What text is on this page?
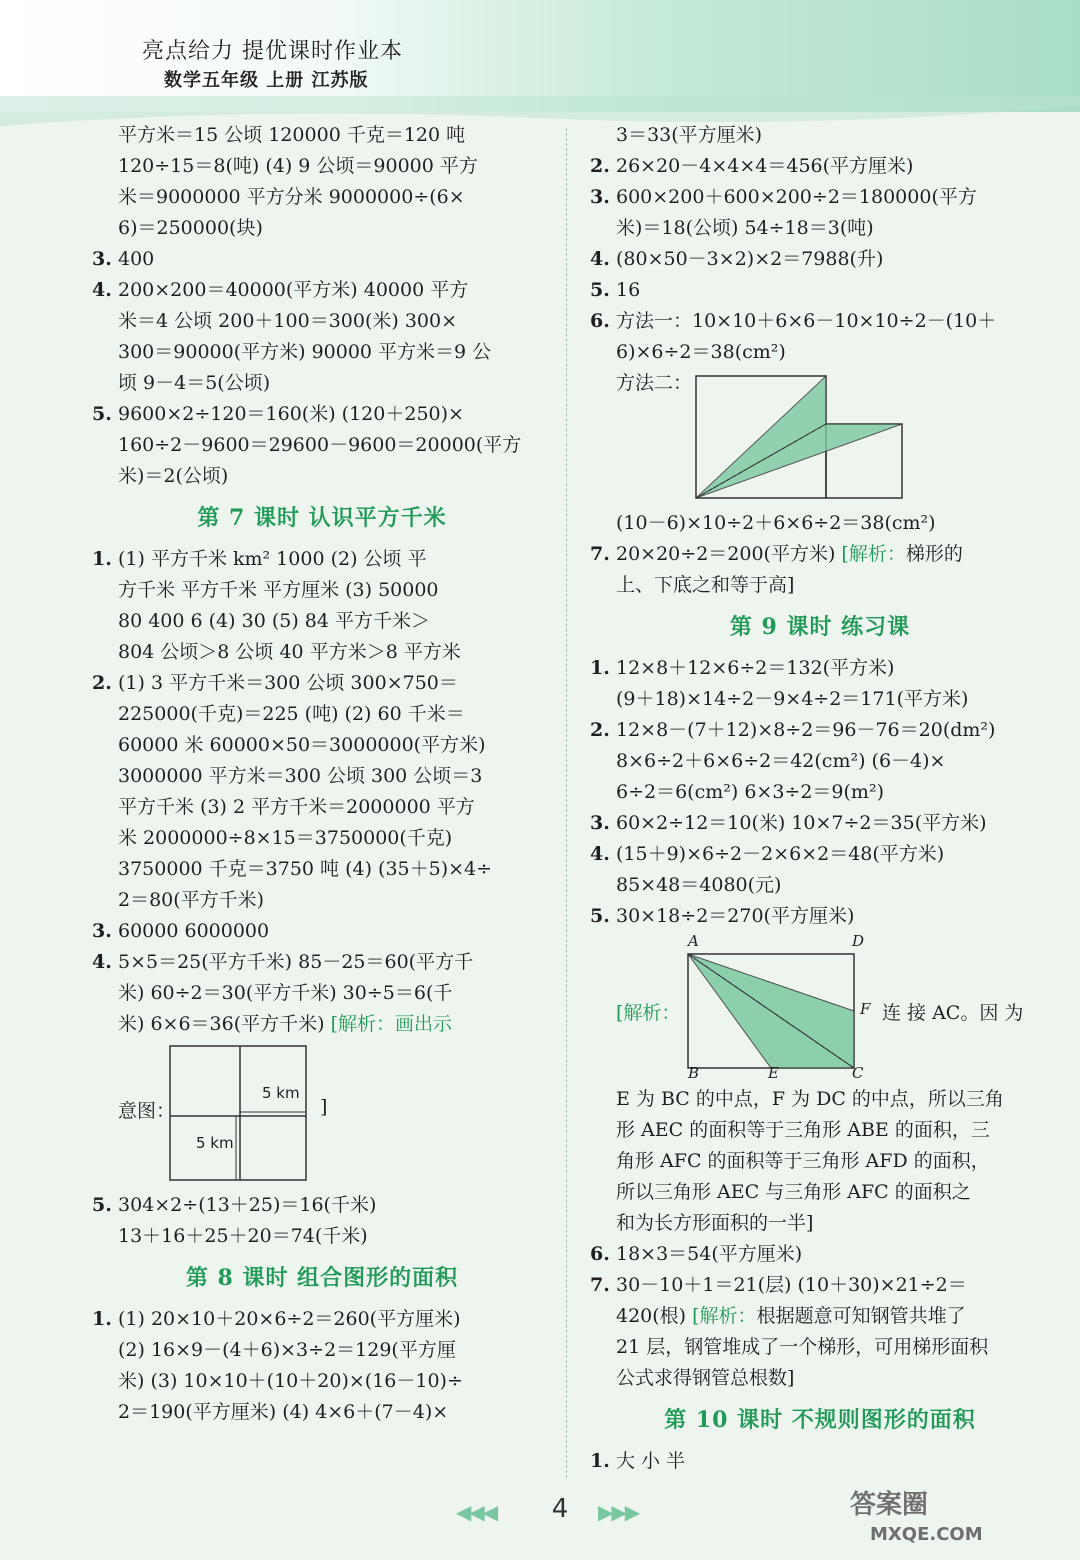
亮点给力 提优课时作业本
数学五年级 上册 江苏版
平方米＝15 公顷 120000 千克＝120 吨
120÷15＝8(吨) (4) 9 公顷＝90000 平方
米＝9000000 平方分米 9000000÷(6×
6)＝250000(块)
3. 400
4. 200×200＝40000(平方米) 40000 平方
米＝4 公顷 200＋100＝300(米) 300×
300＝90000(平方米) 90000 平方米＝9 公
顷 9－4＝5(公顷)
5. 9600×2÷120＝160(米) (120＋250)×
160÷2－9600＝29600－9600＝20000(平方
米)＝2(公顷)
第 7 课时 认识平方千米
1. (1) 平方千米 km² 1000 (2) 公顷 平
方千米 平方千米 平方厘米 (3) 50000
80 400 6 (4) 30 (5) 84 平方千米＞
804 公顷＞8 公顷 40 平方米＞8 平方米
2. (1) 3 平方千米＝300 公顷 300×750＝
225000(千克)＝225 (吨) (2) 60 千米＝
60000 米 60000×50＝3000000(平方米)
3000000 平方米＝300 公顷 300 公顷＝3
平方千米 (3) 2 平方千米＝2000000 平方
米 2000000÷8×15＝3750000(千克)
3750000 千克＝3750 吨 (4) (35＋5)×4÷
2＝80(平方千米)
3. 60000 6000000
4. 5×5＝25(平方千米) 85－25＝60(平方千
米) 60÷2＝30(平方千米) 30÷5＝6(千
米) 6×6＝36(平方千米) [解析：画出示
意图：
5 km
5 km
]
5. 304×2÷(13＋25)＝16(千米)
13＋16＋25＋20＝74(千米)
第 8 课时 组合图形的面积
1. (1) 20×10＋20×6÷2＝260(平方厘米)
(2) 16×9－(4＋6)×3÷2＝129(平方厘
米) (3) 10×10＋(10＋20)×(16－10)÷
2＝190(平方厘米) (4) 4×6＋(7－4)×
3＝33(平方厘米)
2. 26×20－4×4×4＝456(平方厘米)
3. 600×200＋600×200÷2＝180000(平方
米)＝18(公顷) 54÷18＝3(吨)
4. (80×50－3×2)×2＝7988(升)
5. 16
6. 方法一：10×10＋6×6－10×10÷2－(10＋
6)×6÷2＝38(cm²)
方法二：
(10－6)×10÷2＋6×6÷2＝38(cm²)
7. 20×20÷2＝200(平方米) [解析：梯形的
上、下底之和等于高]
第 9 课时 练习课
1. 12×8＋12×6÷2＝132(平方米)
(9＋18)×14÷2－9×4÷2＝171(平方米)
2. 12×8－(7＋12)×8÷2＝96－76＝20(dm²)
8×6÷2＋6×6÷2＝42(cm²) (6－4)×
6÷2＝6(cm²) 6×3÷2＝9(m²)
3. 60×2÷12＝10(米) 10×7÷2＝35(平方米)
4. (15＋9)×6÷2－2×6×2＝48(平方米)
85×48＝4080(元)
5. 30×18÷2＝270(平方厘米)
[解析：
A	D
F
B	E	C
连 接 AC。因 为
E 为 BC 的中点，F 为 DC 的中点，所以三角
形 AEC 的面积等于三角形 ABE 的面积，三
角形 AFC 的面积等于三角形 AFD 的面积，
所以三角形 AEC 与三角形 AFC 的面积之
和为长方形面积的一半]
6. 18×3＝54(平方厘米)
7. 30－10＋1＝21(层) (10＋30)×21÷2＝
420(根) [解析：根据题意可知钢管共堆了
21 层，钢管堆成了一个梯形，可用梯形面积
公式求得钢管总根数]
第 10 课时 不规则图形的面积
1. 大 小 半
◀◀◀	4	▶▶▶	答案圈
MXQE.COM
